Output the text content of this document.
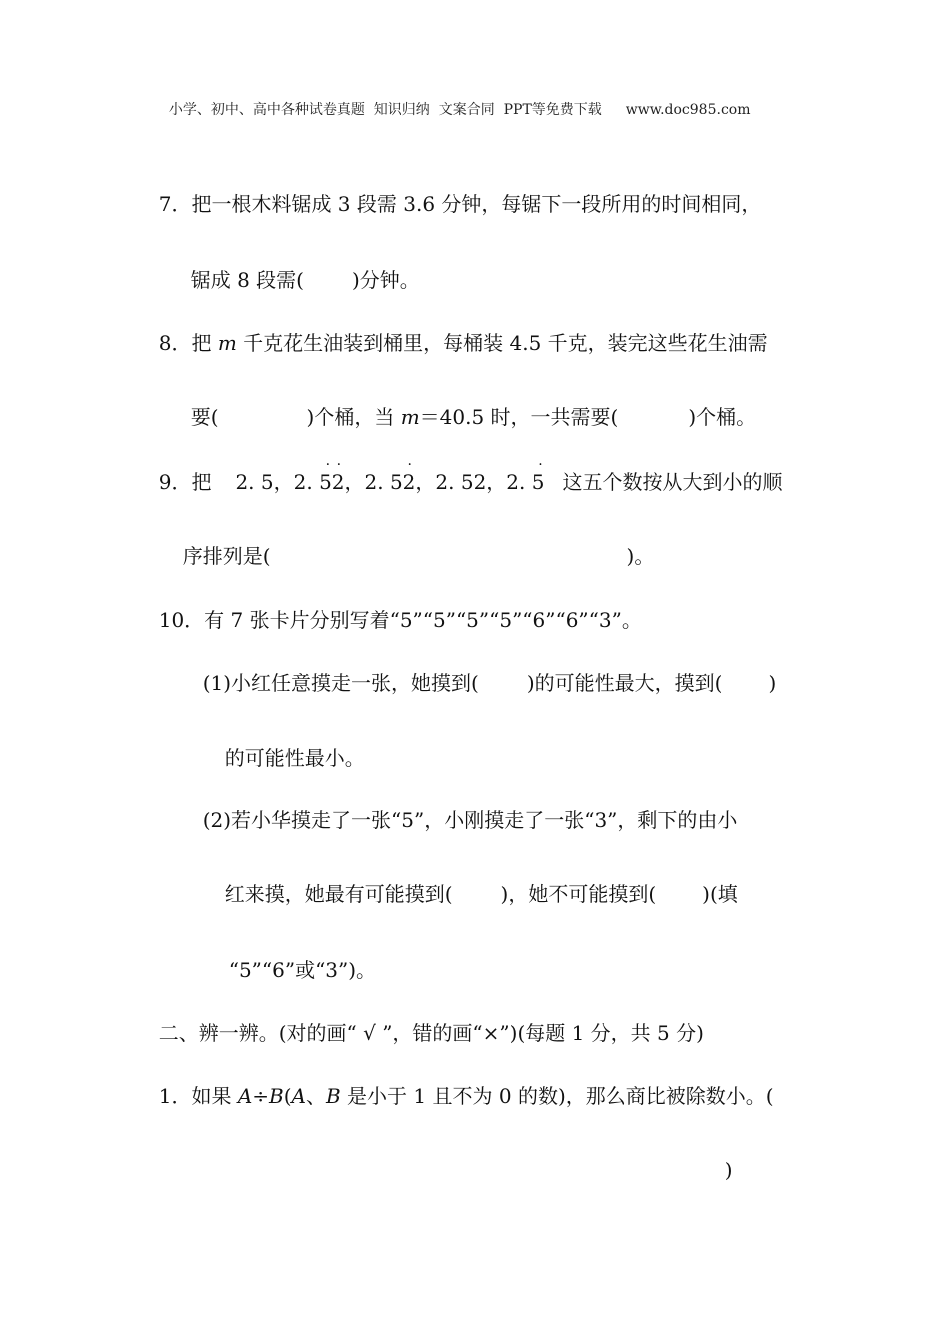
小学、初中、高中各种试卷真题  知识归纳  文案合同  PPT等免费下载 www.doc985.com

7．把一根木料锯成 3 段需 3.6 分钟，每锯下一段所用的时间相同，

锯成 8 段需( )分钟。

8．把 m 千克花生油装到桶里，每桶装 4.5 千克，装完这些花生油需

要(	)个桶，当 m＝40.5 时，一共需要(	)个桶。

9．把 2. 5，2. 52
· ·
，2. 52
·
，2. 52，2. 5
·
这五个数按从大到小的顺

序排列是(	)。

10．有 7 张卡片分别写着“5”“5”“5”“5”“6”“6”“3”。

(1)小红任意摸走一张，她摸到( )的可能性最大，摸到( )

的可能性最小。

(2)若小华摸走了一张“5”，小刚摸走了一张“3”，剩下的由小

红来摸，她最有可能摸到( )，她不可能摸到( )(填

“5”“6”或“3”)。

二、辨一辨。(对的画“ √ ”，错的画“×”)(每题 1 分，共 5 分)

1．如果 A÷B(A、B 是小于 1 且不为 0 的数)，那么商比被除数小。(

)
